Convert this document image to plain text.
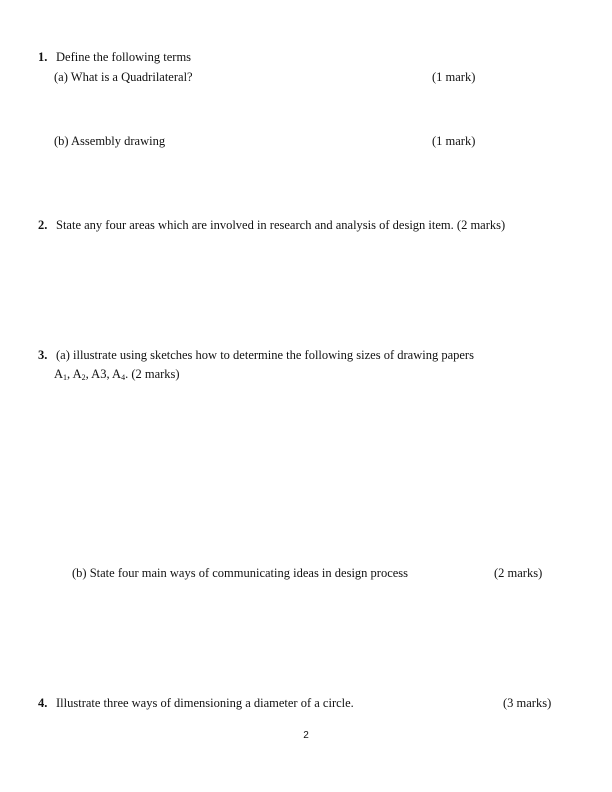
1. Define the following terms
(a) What is a Quadrilateral?	(1 mark)
(b) Assembly drawing	(1 mark)
2. State any four areas which are involved in research and analysis of design item. (2 marks)
3. (a) illustrate using sketches how to determine the following sizes of drawing papers
$A_1$, $A_2$, A3, $A_4$. (2 marks)
(b) State four main ways of communicating ideas in design process	(2 marks)
4. Illustrate three ways of dimensioning a diameter of a circle.	(3 marks)
2
